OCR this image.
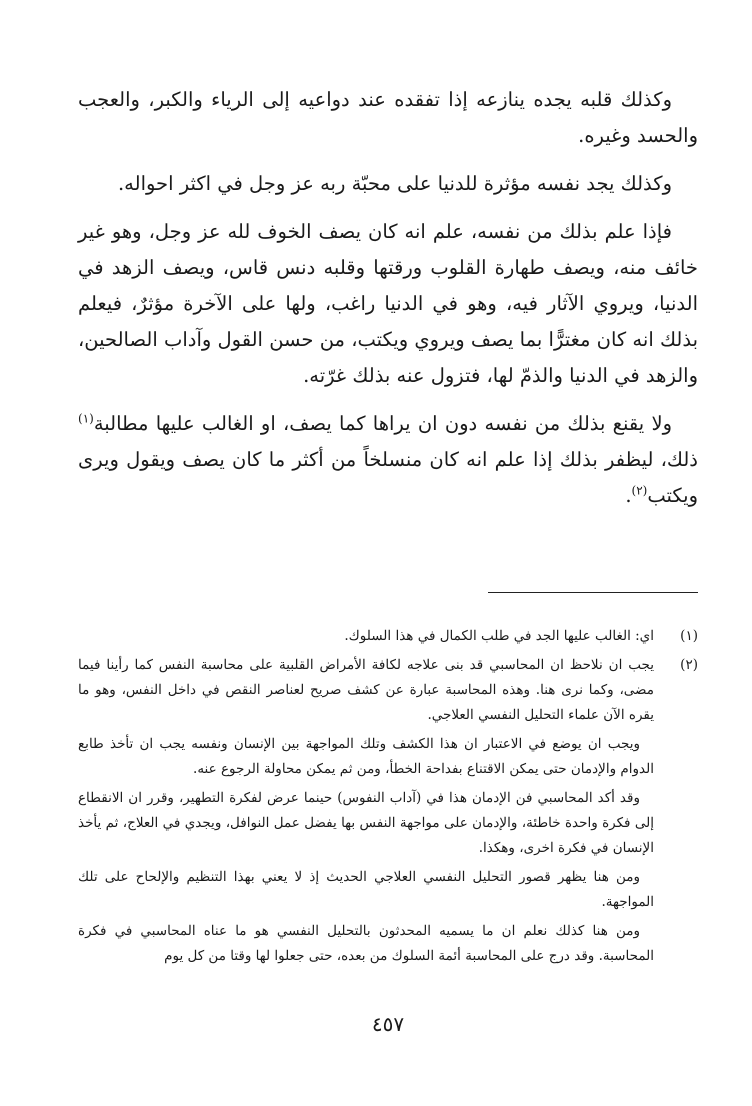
وكذلك قلبه يجده ينازعه إذا تفقده عند دواعيه إلى الرياء والكبر، والعجب والحسد وغيره.

وكذلك يجد نفسه مؤثرة للدنيا على محبّة ربه عز وجل في اكثر احواله.

فإذا علم بذلك من نفسه، علم انه كان يصف الخوف لله عز وجل، وهو غير خائف منه، ويصف طهارة القلوب ورقتها وقلبه دنس قاس، ويصف الزهد في الدنيا، ويروي الآثار فيه، وهو في الدنيا راغب، ولها على الآخرة مؤثرٌ، فيعلم بذلك انه كان مغترًّا بما يصف ويروي ويكتب، من حسن القول وآداب الصالحين، والزهد في الدنيا والذمّ لها، فتزول عنه بذلك غرّته.

ولا يقنع بذلك من نفسه دون ان يراها كما يصف، او الغالب عليها مطالبة$^{(١)}$ ذلك، ليظفر بذلك إذا علم انه كان منسلخاً من أكثر ما كان يصف ويقول ويرى ويكتب$^{(٢)}$.

(١)
اي: الغالب عليها الجد في طلب الكمال في هذا السلوك.
(٢)
يجب ان نلاحظ ان المحاسبي قد بنى علاجه لكافة الأمراض القلبية على محاسبة النفس كما رأينا فيما مضى، وكما نرى هنا. وهذه المحاسبة عبارة عن كشف صريح لعناصر النقص في داخل النفس، وهو ما يقره الآن علماء التحليل النفسي العلاجي.
ويجب ان يوضع في الاعتبار ان هذا الكشف وتلك المواجهة بين الإنسان ونفسه يجب ان تأخذ طابع الدوام والإدمان حتى يمكن الاقتناع بفداحة الخطأ، ومن ثم يمكن محاولة الرجوع عنه.
وقد أكد المحاسبي فن الإدمان هذا في (آداب النفوس) حينما عرض لفكرة التطهير، وقرر ان الانقطاع إلى فكرة واحدة خاطئة، والإدمان على مواجهة النفس بها يفضل عمل النوافل، ويجدي في العلاج، ثم يأخذ الإنسان في فكرة اخرى، وهكذا.
ومن هنا يظهر قصور التحليل النفسي العلاجي الحديث إذ لا يعني بهذا التنظيم والإلحاح على تلك المواجهة.
ومن هنا كذلك نعلم ان ما يسميه المحدثون بالتحليل النفسي هو ما عناه المحاسبي في فكرة المحاسبة. وقد درج على المحاسبة أئمة السلوك من بعده، حتى جعلوا لها وقتا من كل يوم
٤٥٧
